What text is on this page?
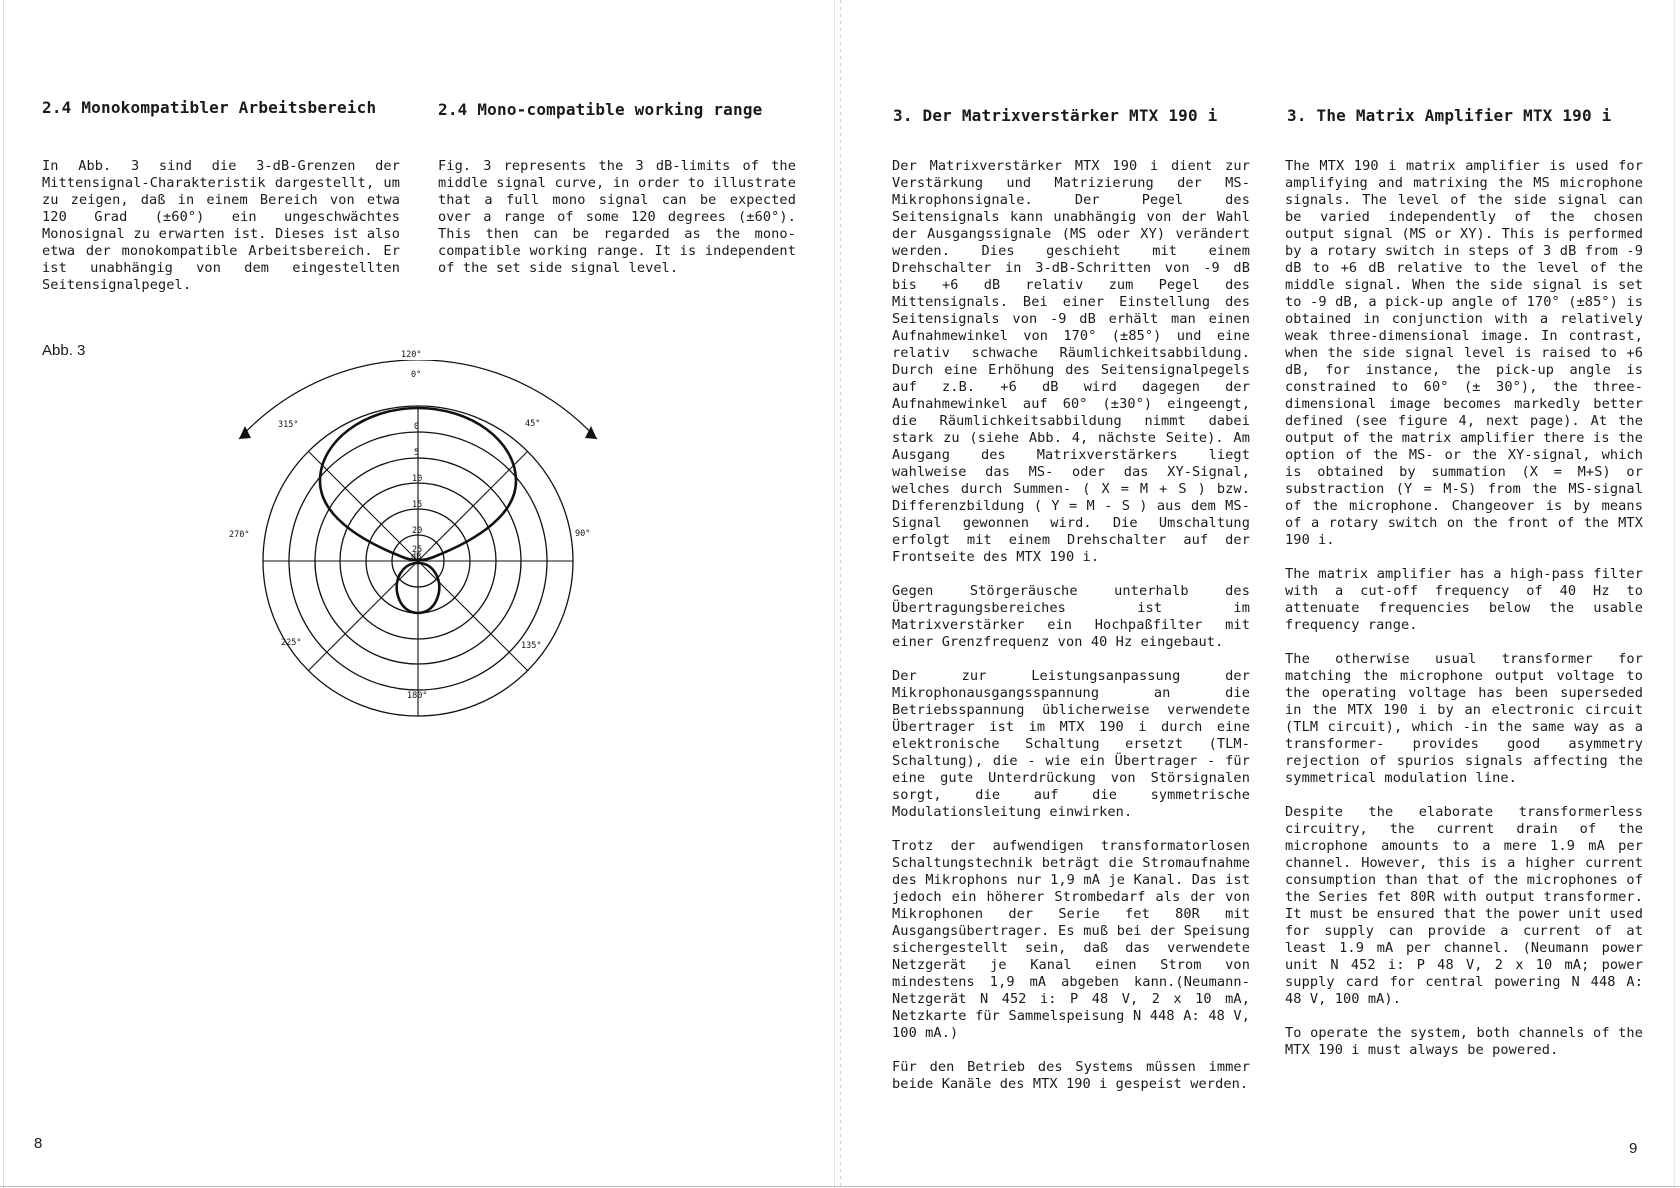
2.4 Monokompatibler Arbeitsbereich	2.4 Mono-compatible working range

In Abb. 3 sind die 3-dB-Grenzen der Mittensignal-Charakteristik dargestellt, um zu zeigen, daß in einem Bereich von etwa 120 Grad (±60°) ein ungeschwächtes Monosignal zu erwarten ist. Dieses ist also etwa der monokompatible Arbeitsbereich. Er ist unabhängig von dem eingestellten Seitensignalpegel.

Fig. 3 represents the 3 dB-limits of the middle signal curve, in order to illustrate that a full mono signal can be expected over a range of some 120 degrees (±60°). This then can be regarded as the mono-compatible working range. It is independent of the set side signal level.

Abb. 3	120°
0°
45°
90°
135°
180°
225°
270°
315°	0
5
10
15
20
25
dB
8
3. Der Matrixverstärker MTX 190 i	3. The Matrix Amplifier MTX 190 i

Der Matrixverstärker MTX 190 i dient zur Verstärkung und Matrizierung der MS-Mikrophonsignale. Der Pegel des Seitensignals kann unabhängig von der Wahl der Ausgangssignale (MS oder XY) verändert werden. Dies geschieht mit einem Drehschalter in 3-dB-Schritten von -9 dB bis +6 dB relativ zum Pegel des Mittensignals. Bei einer Einstellung des Seitensignals von -9 dB erhält man einen Aufnahmewinkel von 170° (±85°) und eine relativ schwache Räumlichkeitsabbildung. Durch eine Erhöhung des Seitensignalpegels auf z.B. +6 dB wird dagegen der Aufnahmewinkel auf 60° (±30°) eingeengt, die Räumlichkeitsabbildung nimmt dabei stark zu (siehe Abb. 4, nächste Seite). Am Ausgang des Matrixverstärkers liegt wahlweise das MS- oder das XY-Signal, welches durch Summen- ( X = M + S ) bzw. Differenzbildung ( Y = M - S ) aus dem MS-Signal gewonnen wird. Die Umschaltung erfolgt mit einem Drehschalter auf der Frontseite des MTX 190 i.

Gegen Störgeräusche unterhalb des Übertragungsbereiches ist im Matrixverstärker ein Hochpaßfilter mit einer Grenzfrequenz von 40 Hz eingebaut.

Der zur Leistungsanpassung der Mikrophonausgangsspannung an die Betriebsspannung üblicherweise verwendete Übertrager ist im MTX 190 i durch eine elektronische Schaltung ersetzt (TLM-Schaltung), die - wie ein Übertrager - für eine gute Unterdrückung von Störsignalen sorgt, die auf die symmetrische Modulationsleitung einwirken.

Trotz der aufwendigen transformatorlosen Schaltungstechnik beträgt die Stromaufnahme des Mikrophons nur 1,9 mA je Kanal. Das ist jedoch ein höherer Strombedarf als der von Mikrophonen der Serie fet 80R mit Ausgangsübertrager. Es muß bei der Speisung sichergestellt sein, daß das verwendete Netzgerät je Kanal einen Strom von mindestens 1,9 mA abgeben kann.(Neumann-Netzgerät N 452 i: P 48 V, 2 x 10 mA, Netzkarte für Sammelspeisung N 448 A: 48 V, 100 mA.)

Für den Betrieb des Systems müssen immer beide Kanäle des MTX 190 i gespeist werden.

The MTX 190 i matrix amplifier is used for amplifying and matrixing the MS microphone signals. The level of the side signal can be varied independently of the chosen output signal (MS or XY). This is performed by a rotary switch in steps of 3 dB from -9 dB to +6 dB relative to the level of the middle signal. When the side signal is set to -9 dB, a pick-up angle of 170° (±85°) is obtained in conjunction with a relatively weak three-dimensional image. In contrast, when the side signal level is raised to +6 dB, for instance, the pick-up angle is constrained to 60° (± 30°), the three-dimensional image becomes markedly better defined (see figure 4, next page). At the output of the matrix amplifier there is the option of the MS- or the XY-signal, which is obtained by summation (X = M+S) or substraction (Y = M-S) from the MS-signal of the microphone. Changeover is by means of a rotary switch on the front of the MTX 190 i.

The matrix amplifier has a high-pass filter with a cut-off frequency of 40 Hz to attenuate frequencies below the usable frequency range.

The otherwise usual transformer for matching the microphone output voltage to the operating voltage has been superseded in the MTX 190 i by an electronic circuit (TLM circuit), which -in the same way as a transformer- provides good asymmetry rejection of spurios signals affecting the symmetrical modulation line.

Despite the elaborate transformerless circuitry, the current drain of the microphone amounts to a mere 1.9 mA per channel. However, this is a higher current consumption than that of the microphones of the Series fet 80R with output transformer. It must be ensured that the power unit used for supply can provide a current of at least 1.9 mA per channel. (Neumann power unit N 452 i: P 48 V, 2 x 10 mA; power supply card for central powering N 448 A: 48 V, 100 mA).

To operate the system, both channels of the MTX 190 i must always be powered.

9
